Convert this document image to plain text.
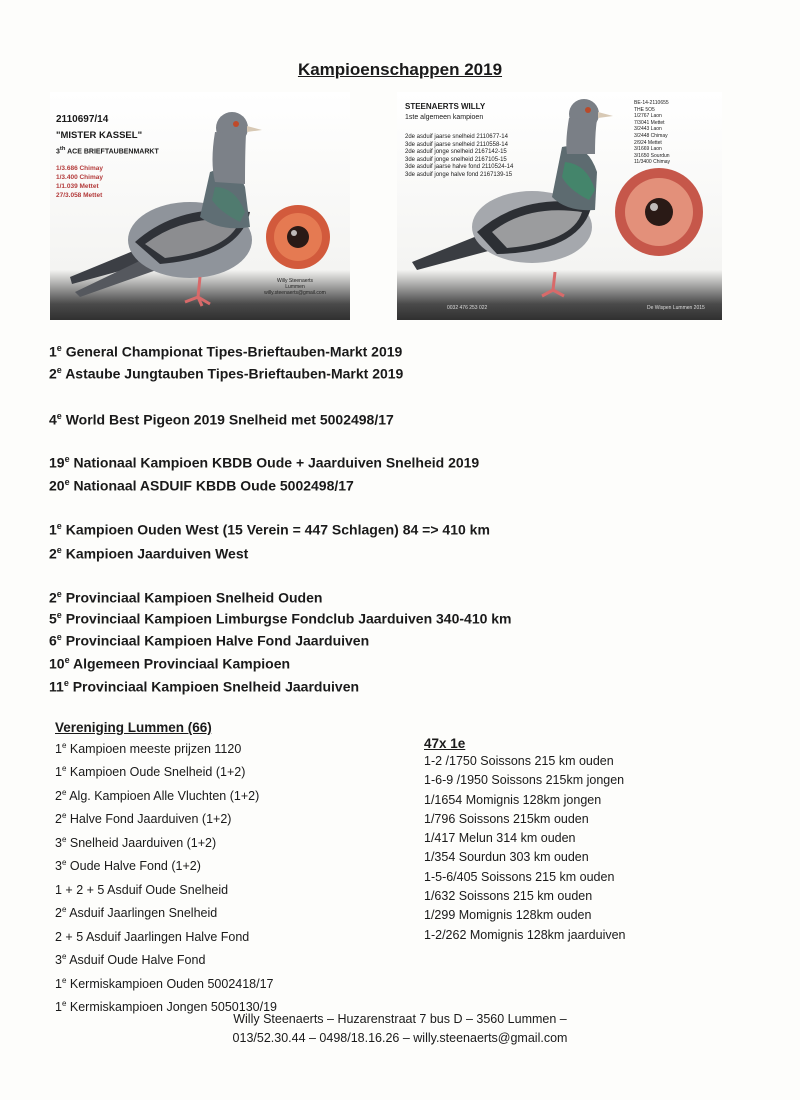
Kampioenschappen 2019
2110697/14
"MISTER KASSEL"
3th ACE BRIEFTAUBENMARKT
1/3.686 Chimay
1/3.400 Chimay
1/1.039 Mettet
27/3.058 Mettet
Willy Steenaerts
Lummen
willy.steenaerts@gmail.com
STEENAERTS WILLY
1ste algemeen kampioen
2de asduif jaarse snelheid 2110677-14
3de asduif jaarse snelheid 2110558-14
2de asduif jonge snelheid 2167142-15
3de asduif jonge snelheid 2167105-15
3de asduif jaarse halve fond 2110524-14
3de asduif jonge halve fond 2167139-15
BE-14-2110655
THE 5O5
1/2767 Laon
7/3041 Mettet
3/2443 Laon
3/2448 Chimay
2/924 Mettet
3/1669 Laon
3/1650 Sourdun
11/3400 Chimay
0032 476 253 022	De Wispen Lummen 2015
1e General Championat Tipes-Brieftauben-Markt 2019
2e Astaube Jungtauben Tipes-Brieftauben-Markt 2019
4e World Best Pigeon 2019 Snelheid met 5002498/17
19e Nationaal Kampioen KBDB Oude + Jaarduiven Snelheid 2019
20e Nationaal ASDUIF KBDB Oude 5002498/17
1e Kampioen Ouden West (15 Verein = 447 Schlagen) 84 => 410 km
2e Kampioen Jaarduiven West
2e Provinciaal Kampioen Snelheid Ouden
5e Provinciaal Kampioen Limburgse Fondclub Jaarduiven 340-410 km
6e Provinciaal Kampioen Halve Fond Jaarduiven
10e Algemeen Provinciaal Kampioen
11e Provinciaal Kampioen Snelheid Jaarduiven
Vereniging Lummen (66)
1e Kampioen meeste prijzen 1120
1e Kampioen Oude Snelheid (1+2)
2e Alg. Kampioen Alle Vluchten (1+2)
2e Halve Fond Jaarduiven (1+2)
3e Snelheid Jaarduiven (1+2)
3e Oude Halve Fond (1+2)
1 + 2 + 5 Asduif Oude Snelheid
2e Asduif Jaarlingen Snelheid
2 + 5 Asduif Jaarlingen Halve Fond
3e Asduif Oude Halve Fond
1e Kermiskampioen Ouden 5002418/17
1e Kermiskampioen Jongen 5050130/19
47x 1e
1-2 /1750 Soissons 215 km ouden
1-6-9 /1950 Soissons 215km jongen
1/1654 Momignis 128km jongen
1/796 Soissons 215km ouden
1/417 Melun 314 km ouden
1/354 Sourdun 303 km ouden
1-5-6/405 Soissons 215 km ouden
1/632 Soissons 215 km ouden
1/299 Momignis 128km ouden
1-2/262 Momignis 128km jaarduiven
Willy Steenaerts – Huzarenstraat 7 bus D – 3560 Lummen –
013/52.30.44 – 0498/18.16.26 – willy.steenaerts@gmail.com
